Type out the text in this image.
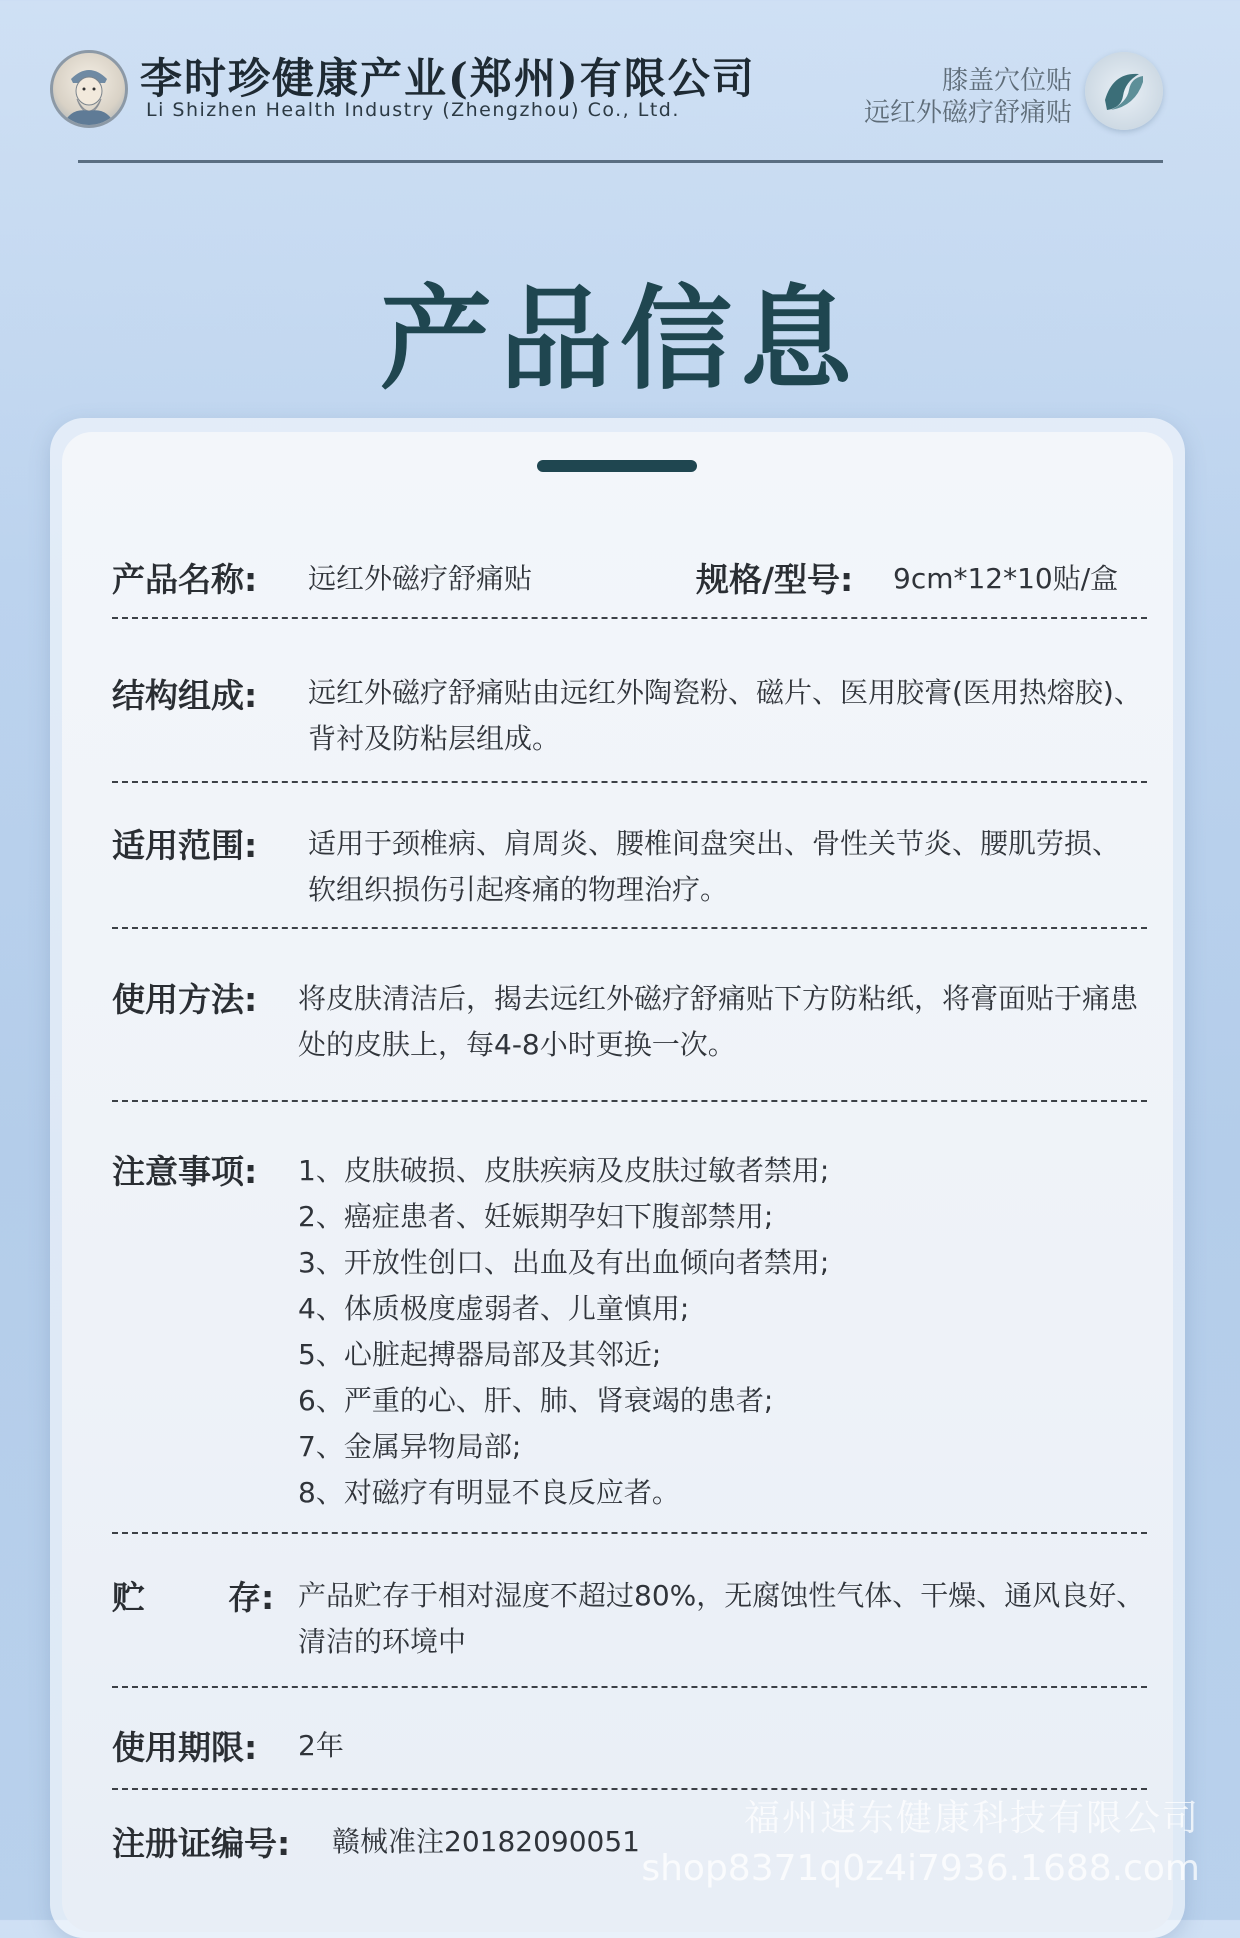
李时珍健康产业(郑州)有限公司
Li Shizhen Health Industry (Zhengzhou) Co., Ltd.
膝盖穴位贴
远红外磁疗舒痛贴
产品信息
产品名称: 远红外磁疗舒痛贴	规格/型号: 9cm*12*10贴/盒
结构组成: 远红外磁疗舒痛贴由远红外陶瓷粉、磁片、医用胶膏(医用热熔胶)、背衬及防粘层组成。
适用范围: 适用于颈椎病、肩周炎、腰椎间盘突出、骨性关节炎、腰肌劳损、软组织损伤引起疼痛的物理治疗。
使用方法: 将皮肤清洁后，揭去远红外磁疗舒痛贴下方防粘纸，将膏面贴于痛患处的皮肤上，每4-8小时更换一次。
注意事项: 1、皮肤破损、皮肤疾病及皮肤过敏者禁用;
2、癌症患者、妊娠期孕妇下腹部禁用;
3、开放性创口、出血及有出血倾向者禁用;
4、体质极度虚弱者、儿童慎用;
5、心脏起搏器局部及其邻近;
6、严重的心、肝、肺、肾衰竭的患者;
7、金属异物局部;
8、对磁疗有明显不良反应者。
贮	存: 产品贮存于相对湿度不超过80%，无腐蚀性气体、干燥、通风良好、清洁的环境中
使用期限: 2年
注册证编号: 赣械准注20182090051
福州速东健康科技有限公司
shop8371q0z4i7936.1688.com
